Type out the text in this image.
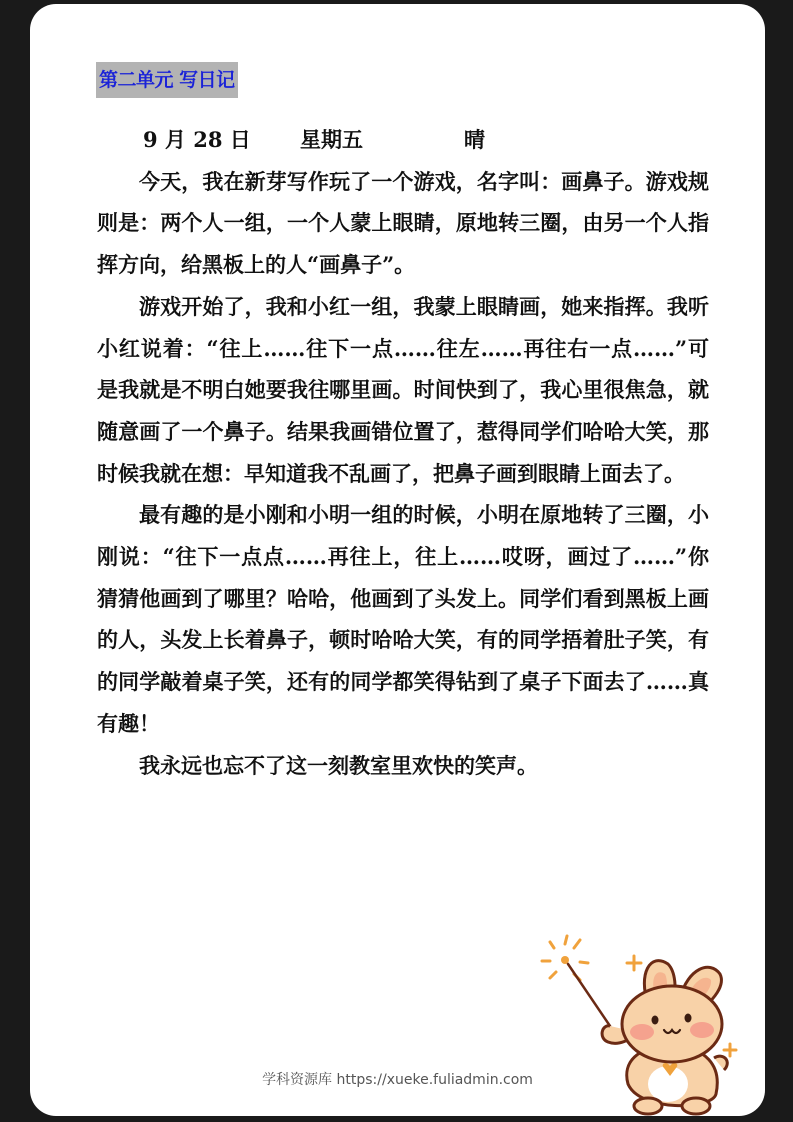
第二单元 写日记
9 月 28 日 星期五	晴

今天，我在新芽写作玩了一个游戏，名字叫：画鼻子。游戏规则是：两个人一组，一个人蒙上眼睛，原地转三圈，由另一个人指挥方向，给黑板上的人“画鼻子”。

游戏开始了，我和小红一组，我蒙上眼睛画，她来指挥。我听小红说着：“往上……往下一点……往左……再往右一点……”可是我就是不明白她要我往哪里画。时间快到了，我心里很焦急，就随意画了一个鼻子。结果我画错位置了，惹得同学们哈哈大笑，那时候我就在想：早知道我不乱画了，把鼻子画到眼睛上面去了。

最有趣的是小刚和小明一组的时候，小明在原地转了三圈，小刚说：“往下一点点……再往上，往上……哎呀，画过了……”你猜猜他画到了哪里？哈哈，他画到了头发上。同学们看到黑板上画的人，头发上长着鼻子，顿时哈哈大笑，有的同学捂着肚子笑，有的同学敲着桌子笑，还有的同学都笑得钻到了桌子下面去了……真有趣！

我永远也忘不了这一刻教室里欢快的笑声。

学科资源库 https://xueke.fuliadmin.com
